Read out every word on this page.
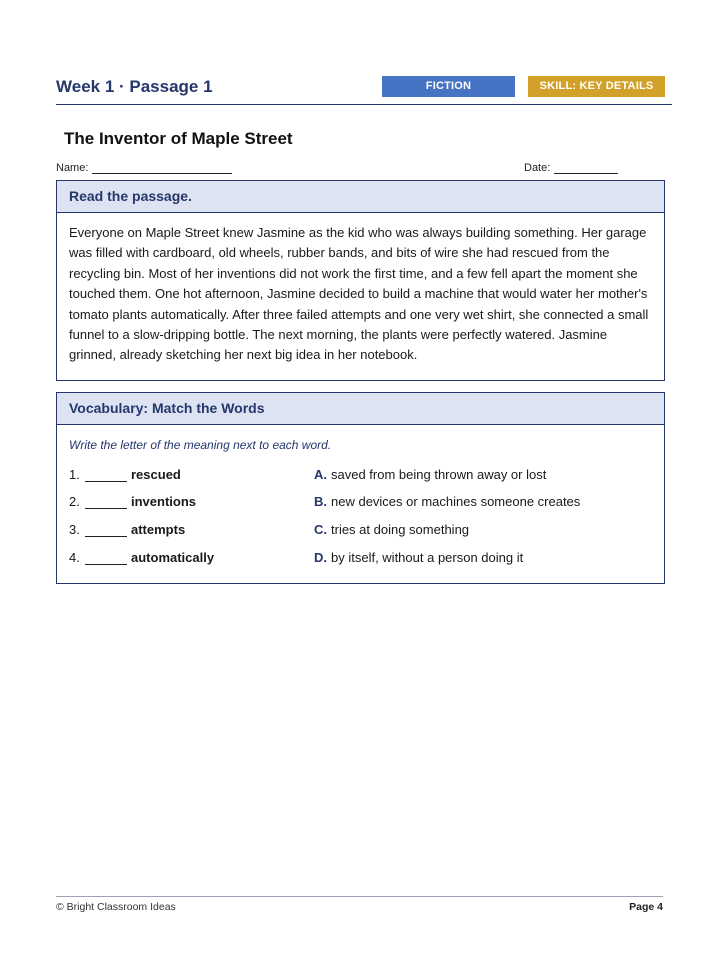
Week 1 · Passage 1	FICTION	SKILL: KEY DETAILS
The Inventor of Maple Street
Name:	Date:
Read the passage.
Everyone on Maple Street knew Jasmine as the kid who was always building something. Her garage was filled with cardboard, old wheels, rubber bands, and bits of wire she had rescued from the recycling bin. Most of her inventions did not work the first time, and a few fell apart the moment she touched them. One hot afternoon, Jasmine decided to build a machine that would water her mother's tomato plants automatically. After three failed attempts and one very wet shirt, she connected a small funnel to a slow-dripping bottle. The next morning, the plants were perfectly watered. Jasmine grinned, already sketching her next big idea in her notebook.
Vocabulary: Match the Words
Write the letter of the meaning next to each word.
1.	rescued	A. saved from being thrown away or lost
2.	inventions	B. new devices or machines someone creates
3.	attempts	C. tries at doing something
4.	automatically	D. by itself, without a person doing it
© Bright Classroom Ideas	Page 4
